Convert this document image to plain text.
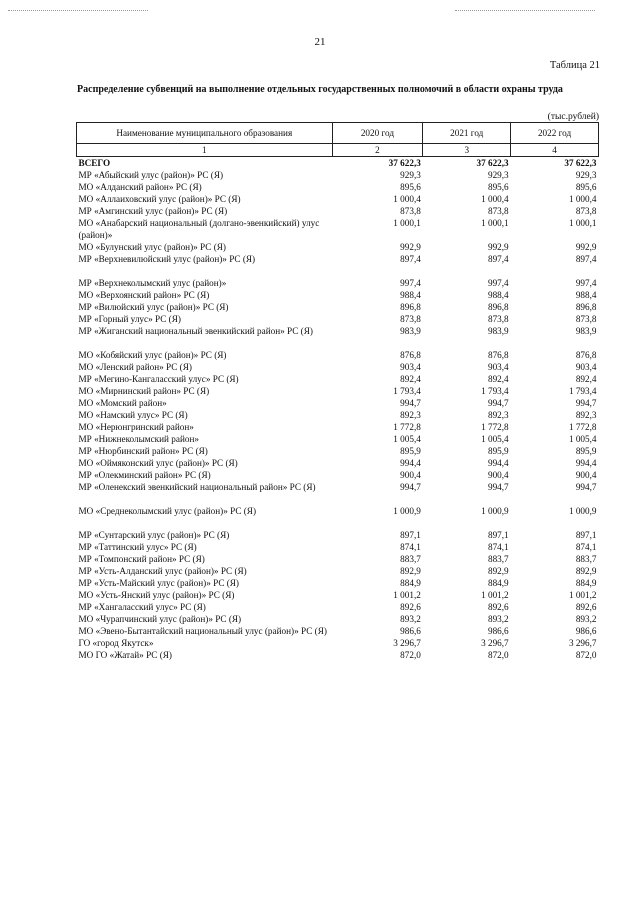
21
Таблица 21
Распределение субвенций на выполнение отдельных государственных полномочий в области охраны труда
(тыс.рублей)
Наименование муниципального образования	2020 год	2021 год	2022 год
1	2	3	4
ВСЕГО	37 622,3	37 622,3	37 622,3
МР «Абыйский улус (район)» РС (Я)	929,3	929,3	929,3
МО «Алданский район» РС (Я)	895,6	895,6	895,6
МО «Аллаиховский улус (район)» РС (Я)	1 000,4	1 000,4	1 000,4
МР «Амгинский улус (район)» РС (Я)	873,8	873,8	873,8
МО «Анабарский национальный (долгано-эвенкийский) улус (район)»	1 000,1	1 000,1	1 000,1
МО «Булунский улус (район)» РС (Я)	992,9	992,9	992,9
МР «Верхневилюйский улус (район)» РС (Я)	897,4	897,4	897,4

МР «Верхнеколымский улус (район)»	997,4	997,4	997,4
МО «Верхоянский район» РС (Я)	988,4	988,4	988,4
МР «Вилюйский улус (район)» РС (Я)	896,8	896,8	896,8
МР «Горный улус» РС (Я)	873,8	873,8	873,8
МР «Жиганский национальный эвенкийский район» РС (Я)	983,9	983,9	983,9

МО «Кобяйский улус (район)» РС (Я)	876,8	876,8	876,8
МО «Ленский район» РС (Я)	903,4	903,4	903,4
МР «Мегино-Кангаласский улус» РС (Я)	892,4	892,4	892,4
МО «Мирнинский район» РС (Я)	1 793,4	1 793,4	1 793,4
МО «Момский район»	994,7	994,7	994,7
МО «Намский улус» РС (Я)	892,3	892,3	892,3
МО «Нерюнгринский район»	1 772,8	1 772,8	1 772,8
МР «Нижнеколымский район»	1 005,4	1 005,4	1 005,4
МР «Нюрбинский район» РС (Я)	895,9	895,9	895,9
МО «Оймяконский улус (район)» РС (Я)	994,4	994,4	994,4
МР «Олекминский район» РС (Я)	900,4	900,4	900,4
МР «Оленекский эвенкийский национальный район» РС (Я)	994,7	994,7	994,7

МО «Среднеколымский улус (район)» РС (Я)	1 000,9	1 000,9	1 000,9

МР «Сунтарский улус (район)» РС (Я)	897,1	897,1	897,1
МР «Таттинский улус» РС (Я)	874,1	874,1	874,1
МР «Томпонский район» РС (Я)	883,7	883,7	883,7
МР «Усть-Алданский улус (район)» РС (Я)	892,9	892,9	892,9
МР «Усть-Майский улус (район)» РС (Я)	884,9	884,9	884,9
МО «Усть-Янский улус (район)» РС (Я)	1 001,2	1 001,2	1 001,2
МР «Хангаласский улус» РС (Я)	892,6	892,6	892,6
МО «Чурапчинский улус (район)» РС (Я)	893,2	893,2	893,2
МО «Эвено-Бытантайский национальный улус (район)» РС (Я)	986,6	986,6	986,6
ГО «город Якутск»	3 296,7	3 296,7	3 296,7
МО ГО «Жатай» РС (Я)	872,0	872,0	872,0
